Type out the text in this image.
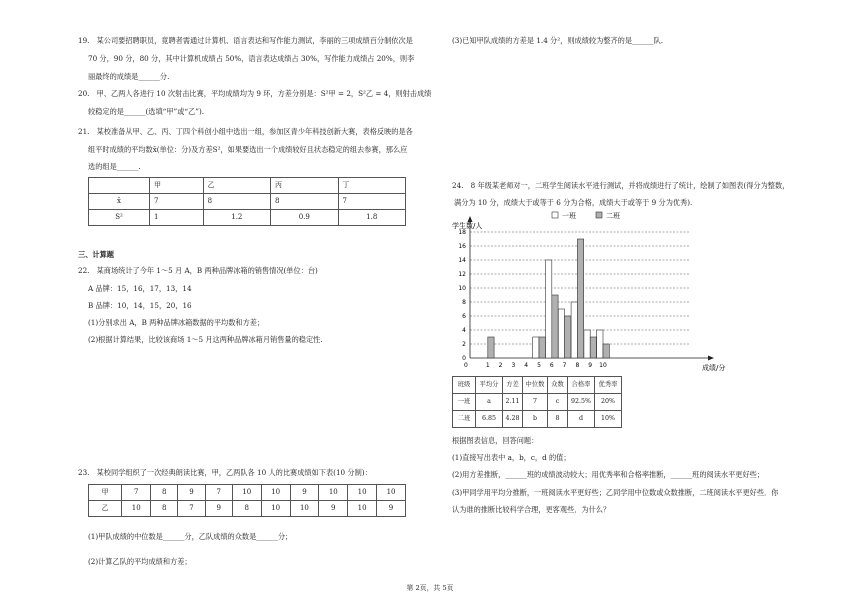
19.　某公司要招聘职员，竟聘者需通过计算机、语言表达和写作能力测试，李丽的三项成绩百分制依次是

70 分，90 分，80 分，其中计算机成绩占 50%，语言表达成绩占 30%，写作能力成绩占 20%，则李

丽最终的成绩是______分.

20.　甲、乙两人各进行 10 次射击比赛，平均成绩均为 9 环，方差分别是：S²甲 = 2，S²乙 = 4，则射击成绩

较稳定的是______(选填“甲”或“乙”).

21.　某校准备从甲、乙、丙、丁四个科创小组中选出一组，参加区青少年科技创新大赛，表格反映的是各

组平时成绩的平均数x̄(单位：分)及方差S²，如果要选出一个成绩较好且状态稳定的组去参赛，那么应

选的组是______.

	甲	乙	丙	丁
x̄	7	8	8	7
S²	1	1.2	0.9	1.8

三、计算题

22.　某商场统计了今年 1～5 月 A，B 两种品牌冰箱的销售情况(单位：台)

A 品牌：15，16，17，13，14

B 品牌：10，14，15，20，16

(1)分别求出 A，B 两种品牌冰箱数据的平均数和方差；

(2)根据计算结果，比较该商场 1～5 月这两种品牌冰箱月销售量的稳定性.

23.　某校同学组织了一次经典朗读比赛，甲，乙两队各 10 人的比赛成绩如下表(10 分制)：

甲	7	8	9	7	10	10	9	10	10	10
乙	10	8	7	9	8	10	10	9	10	9

(1)甲队成绩的中位数是______分，乙队成绩的众数是______分；

(2)计算乙队的平均成绩和方差；

(3)已知甲队成绩的方差是 1.4 分²，则成绩较为整齐的是______队.

24.　8 年级某老师对一，二班学生阅读水平进行测试，并将成绩进行了统计，绘制了如图表(得分为整数，

满分为 10 分，成绩大于或等于 6 分为合格，成绩大于或等于 9 分为优秀).

0
2
4
6
8
10
12
14
16
18
学生数/人
成绩/分
0	1 2 3 4 5 6 7 8 9 10
一班	二班
班级	平均分	方差	中位数	众数	合格率	优秀率
一班	a	2.11	7	c	92.5%	20%
二班	6.85	4.28	b	8	d	10%

根据图表信息，回答问题：

(1)直接写出表中 a，b，c，d 的值；

(2)用方差推断，______班的成绩波动较大；用优秀率和合格率推断，______班的阅读水平更好些；

(3)甲同学用平均分推断，一班阅读水平更好些；乙同学用中位数或众数推断，二班阅读水平更好些．你

认为谁的推断比较科学合理，更客观些．为什么？

第 2页，共 5页
